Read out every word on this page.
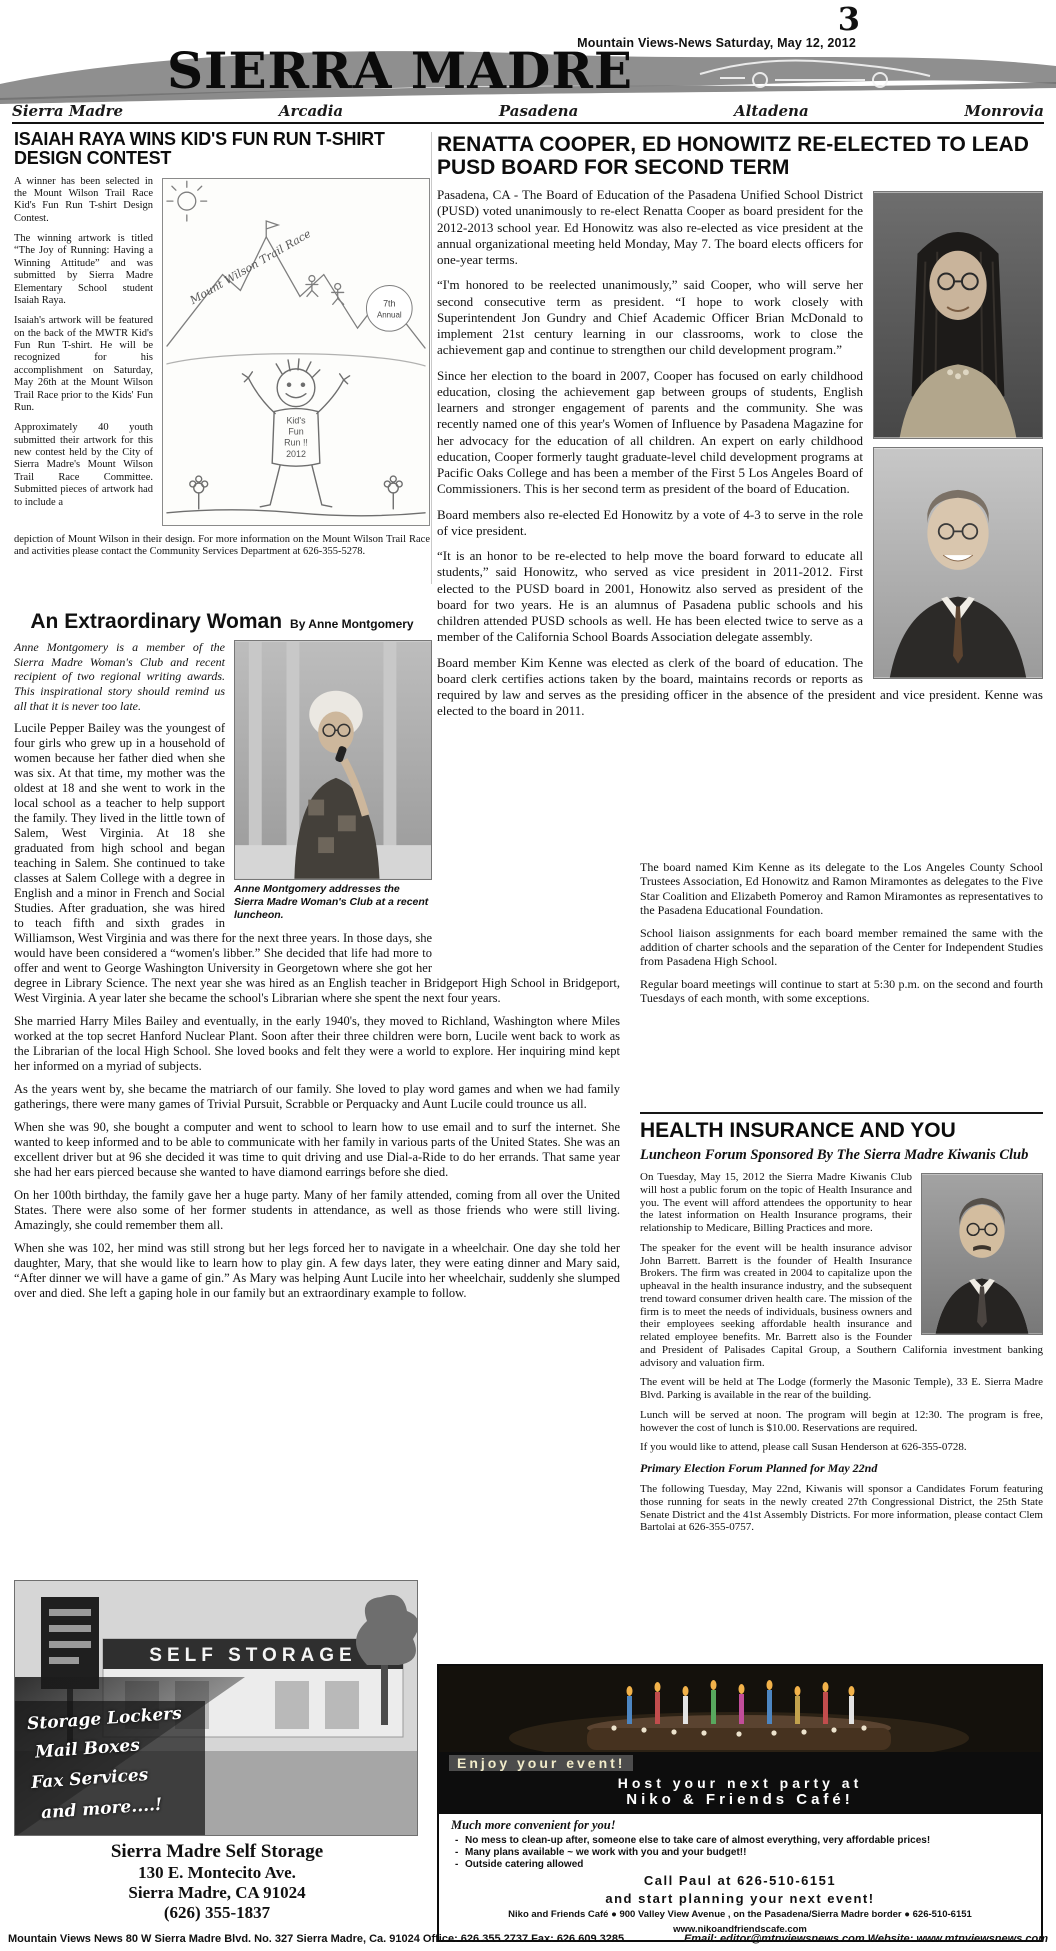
3
Mountain Views-News Saturday, May 12, 2012
SIERRA MADRE
Sierra Madre	Arcadia	Pasadena	Altadena	Monrovia
ISAIAH RAYA WINS KID'S FUN RUN T-SHIRT DESIGN CONTEST
Mount Wilson Trail Race	7th
Annual
Kid's
Fun
Run !!
2012

A winner has been selected in the Mount Wilson Trail Race Kid's Fun Run T-shirt Design Contest.

The winning artwork is titled “The Joy of Running: Having a Winning Attitude” and was submitted by Sierra Madre Elementary School student Isaiah Raya.

Isaiah's artwork will be featured on the back of the MWTR Kid's Fun Run T-shirt. He will be recognized for his accomplishment on Saturday, May 26th at the Mount Wilson Trail Race prior to the Kids' Fun Run.

Approximately 40 youth submitted their artwork for this new contest held by the City of Sierra Madre's Mount Wilson Trail Race Committee. Submitted pieces of artwork had to include a

depiction of Mount Wilson in their design. For more information on the Mount Wilson Trail Race and activities please contact the Community Services Department at 626-355-5278.

RENATTA COOPER, ED HONOWITZ RE-ELECTED TO LEAD PUSD BOARD FOR SECOND TERM

Pasadena, CA - The Board of Education of the Pasadena Unified School District (PUSD) voted unanimously to re-elect Renatta Cooper as board president for the 2012-2013 school year. Ed Honowitz was also re-elected as vice president at the annual organizational meeting held Monday, May 7. The board elects officers for one-year terms.

“I'm honored to be reelected unanimously,” said Cooper, who will serve her second consecutive term as president. “I hope to work closely with Superintendent Jon Gundry and Chief Academic Officer Brian McDonald to implement 21st century learning in our classrooms, work to close the achievement gap and continue to strengthen our child development program.”

Since her election to the board in 2007, Cooper has focused on early childhood education, closing the achievement gap between groups of students, English learners and stronger engagement of parents and the community. She was recently named one of this year's Women of Influence by Pasadena Magazine for her advocacy for the education of all children. An expert on early childhood education, Cooper formerly taught graduate-level child development programs at Pacific Oaks College and has been a member of the First 5 Los Angeles Board of Commissioners. This is her second term as president of the board of Education.

Board members also re-elected Ed Honowitz by a vote of 4-3 to serve in the role of vice president.

“It is an honor to be re-elected to help move the board forward to educate all students,” said Honowitz, who served as vice president in 2011-2012. First elected to the PUSD board in 2001, Honowitz also served as president of the board for two years. He is an alumnus of Pasadena public schools and his children attended PUSD schools as well. He has been elected twice to serve as a member of the California School Boards Association delegate assembly.

Board member Kim Kenne was elected as clerk of the board of education. The board clerk certifies actions taken by the board, maintains records or reports as required by law and serves as the presiding officer in the absence of the president and vice president. Kenne was elected to the board in 2011.

The board named Kim Kenne as its delegate to the Los Angeles County School Trustees Association, Ed Honowitz and Ramon Miramontes as delegates to the Five Star Coalition and Elizabeth Pomeroy and Ramon Miramontes as representatives to the Pasadena Educational Foundation.

School liaison assignments for each board member remained the same with the addition of charter schools and the separation of the Center for Independent Studies from Pasadena High School.

Regular board meetings will continue to start at 5:30 p.m. on the second and fourth Tuesdays of each month, with some exceptions.

An Extraordinary Woman By Anne Montgomery
Anne Montgomery addresses the Sierra Madre Woman's Club at a recent luncheon.

Anne Montgomery is a member of the Sierra Madre Woman's Club and recent recipient of two regional writing awards. This inspirational story should remind us all that it is never too late.

Lucile Pepper Bailey was the youngest of four girls who grew up in a household of women because her father died when she was six. At that time, my mother was the oldest at 18 and she went to work in the local school as a teacher to help support the family. They lived in the little town of Salem, West Virginia. At 18 she graduated from high school and began teaching in Salem. She continued to take classes at Salem College with a degree in English and a minor in French and Social Studies. After graduation, she was hired to teach fifth and sixth grades in Williamson, West Virginia and was there for the next three years. In those days, she would have been considered a “women's libber.” She decided that life had more to offer and went to George Washington University in Georgetown where she got her degree in Library Science. The next year she was hired as an English teacher in Bridgeport High School in Bridgeport, West Virginia. A year later she became the school's Librarian where she spent the next four years.

She married Harry Miles Bailey and eventually, in the early 1940's, they moved to Richland, Washington where Miles worked at the top secret Hanford Nuclear Plant. Soon after their three children were born, Lucile went back to work as the Librarian of the local High School. She loved books and felt they were a world to explore. Her inquiring mind kept her informed on a myriad of subjects.

As the years went by, she became the matriarch of our family. She loved to play word games and when we had family gatherings, there were many games of Trivial Pursuit, Scrabble or Perquacky and Aunt Lucile could trounce us all.

When she was 90, she bought a computer and went to school to learn how to use email and to surf the internet. She wanted to keep informed and to be able to communicate with her family in various parts of the United States. She was an excellent driver but at 96 she decided it was time to quit driving and use Dial-a-Ride to do her errands. That same year she had her ears pierced because she wanted to have diamond earrings before she died.

On her 100th birthday, the family gave her a huge party. Many of her family attended, coming from all over the United States. There were also some of her former students in attendance, as well as those friends who were still living. Amazingly, she could remember them all.

When she was 102, her mind was still strong but her legs forced her to navigate in a wheelchair. One day she told her daughter, Mary, that she would like to learn how to play gin. A few days later, they were eating dinner and Mary said, “After dinner we will have a game of gin.” As Mary was helping Aunt Lucile into her wheelchair, suddenly she slumped over and died. She left a gaping hole in our family but an extraordinary example to follow.

HEALTH INSURANCE AND YOU
Luncheon Forum Sponsored By The Sierra Madre Kiwanis Club

On Tuesday, May 15, 2012 the Sierra Madre Kiwanis Club will host a public forum on the topic of Health Insurance and you. The event will afford attendees the opportunity to hear the latest information on Health Insurance programs, their relationship to Medicare, Billing Practices and more.

The speaker for the event will be health insurance advisor John Barrett. Barrett is the founder of Health Insurance Brokers. The firm was created in 2004 to capitalize upon the upheaval in the health insurance industry, and the subsequent trend toward consumer driven health care. The mission of the firm is to meet the needs of individuals, business owners and their employees seeking affordable health insurance and related employee benefits. Mr. Barrett also is the Founder and President of Palisades Capital Group, a Southern California investment banking advisory and valuation firm.

The event will be held at The Lodge (formerly the Masonic Temple), 33 E. Sierra Madre Blvd. Parking is available in the rear of the building.

Lunch will be served at noon. The program will begin at 12:30. The program is free, however the cost of lunch is $10.00. Reservations are required.

If you would like to attend, please call Susan Henderson at 626-355-0728.

Primary Election Forum Planned for May 22nd

The following Tuesday, May 22nd, Kiwanis will sponsor a Candidates Forum featuring those running for seats in the newly created 27th Congressional District, the 25th State Senate District and the 41st Assembly Districts. For more information, please contact Clem Bartolai at 626-355-0757.

SELF STORAGE
Storage Lockers
Mail Boxes
Fax Services
and more....!
Sierra Madre Self Storage
130 E. Montecito Ave.
Sierra Madre, CA 91024
(626) 355-1837
Enjoy your event!
Host your next party at
Niko & Friends Café!
Much more convenient for you!
- No mess to clean-up after, someone else to take care of almost everything, very affordable prices!
- Many plans available ~ we work with you and your budget!!
- Outside catering allowed
Call Paul at 626-510-6151
and start planning your next event!
Niko and Friends Café ● 900 Valley View Avenue , on the Pasadena/Sierra Madre border ● 626-510-6151
www.nikoandfriendscafe.com
Mountain Views News 80 W Sierra Madre Blvd. No. 327 Sierra Madre, Ca. 91024 Office: 626.355.2737 Fax: 626.609.3285	Email: editor@mtnviewsnews.com Website: www.mtnviewsnews.com
